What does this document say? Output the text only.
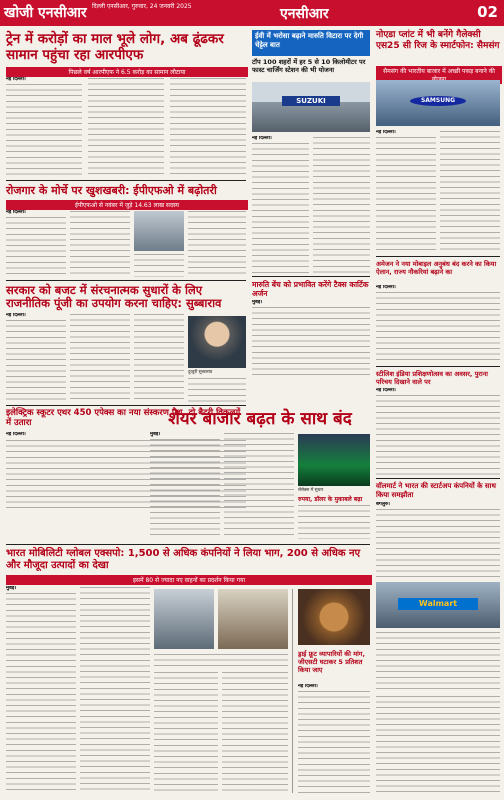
खोजी एनसीआर दिल्ली एनसीआर, गुरुवार, 24 जनवरी 2025	एनसीआर	02
ट्रेन में करोड़ों का माल भूले लोग, अब ढूंढकर सामान पहुंचा रहा आरपीएफ
पिछले वर्ष आरपीएफ ने 6.5 करोड़ का सामान लौटाया
नई दिल्ली।
रोजगार के मोर्चे पर खुशखबरी: ईपीएफओ में बढ़ोतरी
ईपीएफओ से नवंबर में जुड़े 14.63 लाख सदस्य
नई दिल्ली।
सरकार को बजट में संरचनात्मक सुधारों के लिए राजनीतिक पूंजी का उपयोग करना चाहिए: सुब्बाराव
नई दिल्ली।
दुव्वुरी सुब्बाराव
इलेक्ट्रिक स्कूटर एथर 450 एपेक्स का नया संस्करण पेश, दो बैटरी विकल्पों में उतारा
नई दिल्ली।
ईवी में भरोसा बढ़ाने मारुति विटारा पर देगी चेट्टेल बात
टॉप 100 शहरों में हर 5 से 10 किलोमीटर पर फास्ट चार्जिंग स्टेशन की भी योजना
SUZUKI
नई दिल्ली।
मारुति बेंच को प्रभावित करेंगे टैक्स कार्टिक अर्जन
मुंबई।
शेयर बाजार बढ़त के साथ बंद
मुंबई।
सेंसेक्स में सुधार
रुपया, डॉलर के मुकाबले बढ़ा
नोएडा प्लांट में भी बनेंगे गैलेक्सी एस25 सी रिज के स्मार्टफोन: सैमसंग
सैमसंग की भारतीय बाजार में अच्छी पकड़ बनाने की
SAMSUNG
नई दिल्ली।
अमेजन ने नया मोबाइल अनुबंध बंद करने का किया ऐलान, राज्य नौकरियां बढ़ाने का
नई दिल्ली।
स्टीलिश इंडिया प्रशिक्षणोत्सव का अवसर, पुराना परिचय दिखाने वाले पर
नई दिल्ली।
वॉलमार्ट ने भारत की स्टार्टअप कंपनियों के साथ किया समझौता
बेंगलुरु।
Walmart
भारत मोबिलिटी ग्लोबल एक्सपो: 1,500 से अधिक कंपनियों ने लिया भाग, 200 से अधिक नए और मौजूदा उत्पादों का देखा
इसमें 80 से ज्यादा नए वाहनों का प्रदर्शन किया गया
मुंबई।
ड्राई फ्रूट व्यापारियों की मांग, जीएसटी घटाकर 5 प्रतिशत किया जाए
नई दिल्ली।
